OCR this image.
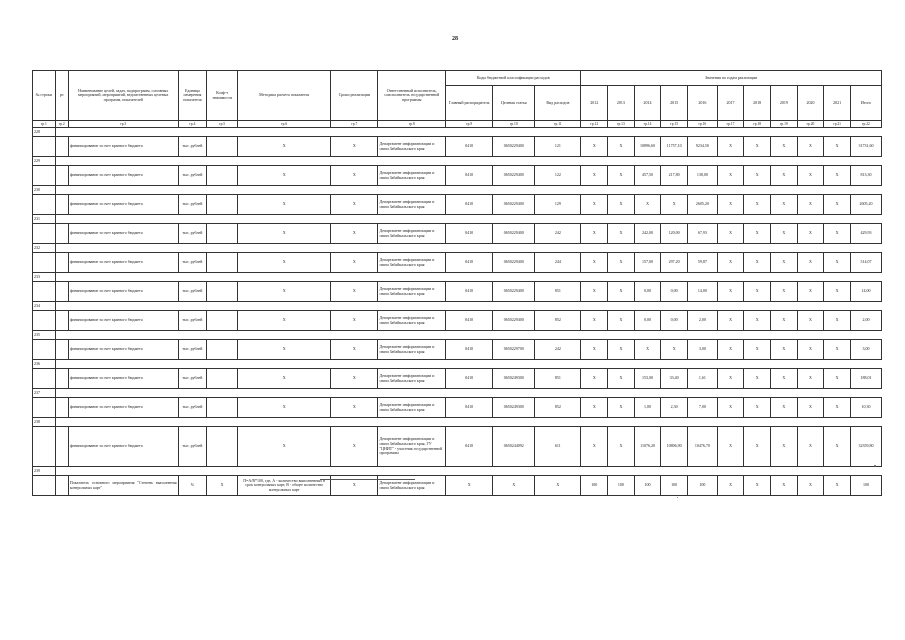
28
№ строки	рз	Наименование целей, задач, подпрограмм, основных мероприятий, мероприятий, ведомственных целевых программ, показателей	Единица измерения показателя	Коэф-т значимости	Методика расчета показателя	Сроки реализации	Ответственный исполнитель, соисполнитель государственной программы	Коды бюджетной классификации расходов			Значения по годам реализации										
								Главный распорядитель	Целевая статья	Вид расходов	2012	2013	2014	2015	2016	2017	2018	2019	2020	2021	Итого
гр.1	гр.2	гр.3	гр.4	гр.5	гр.6	гр.7	гр.8	гр.9	гр.10	гр.11	гр.12	гр.13	гр.14	гр.15	гр.16	гр.17	гр.18	гр.19	гр.20	гр.21	гр.22
228																					
		финансирование за счет краевого бюджета	тыс. рублей		Х	Х	Департамент информатизации и связи Забайкальского края	0410	0650229400	121	Х	Х	10896,60	11757,10	9234,50	Х	Х	Х	Х	Х	31731,60
229																					
		финансирование за счет краевого бюджета	тыс. рублей		Х	Х	Департамент информатизации и связи Забайкальского края	0410	0650229400	122	Х	Х	457,50	217,80	138,00	Х	Х	Х	Х	Х	813,30
230																					
		финансирование за счет краевого бюджета	тыс. рублей		Х	Х	Департамент информатизации и связи Забайкальского края	0410	0650229400	129	Х	Х	Х	Х	2605,20	Х	Х	Х	Х	Х	2605,20
231																					
		финансирование за счет краевого бюджета	тыс. рублей		Х	Х	Департамент информатизации и связи Забайкальского края	0410	0650229400	242	Х	Х	242,00	120,00	67,93	Х	Х	Х	Х	Х	429,93
232																					
		финансирование за счет краевого бюджета	тыс. рублей		Х	Х	Департамент информатизации и связи Забайкальского края	0410	0650229400	244	Х	Х	157,00	297,20	59,87	Х	Х	Х	Х	Х	514,07
233																					
		финансирование за счет краевого бюджета	тыс. рублей		Х	Х	Департамент информатизации и связи Забайкальского края	0410	0650229400	851	Х	Х	0,00	0,00	14,00	Х	Х	Х	Х	Х	14,00
234																					
		финансирование за счет краевого бюджета	тыс. рублей		Х	Х	Департамент информатизации и связи Забайкальского края	0410	0650229400	852	Х	Х	0,00	0,00	2,00	Х	Х	Х	Х	Х	2,00
235																					
		финансирование за счет краевого бюджета	тыс. рублей		Х	Х	Департамент информатизации и связи Забайкальского края	0410	0650229700	242	Х	Х	Х	Х	3,00	Х	Х	Х	Х	Х	3,00
236																					
		финансирование за счет краевого бюджета	тыс. рублей		Х	Х	Департамент информатизации и связи Забайкальского края	0410	0650249300	851	Х	Х	153,00	33,40	1,61	Х	Х	Х	Х	Х	188,01
237																					
		финансирование за счет краевого бюджета	тыс. рублей		Х	Х	Департамент информатизации и связи Забайкальского края	0410	0650249300	852	Х	Х	1,00	2,30	7,00	Х	Х	Х	Х	Х	10,30
238																					
		финансирование за счет краевого бюджета	тыс. рублей		Х	Х	Департамент информатизации и связи Забайкальского края, ГУ "ЦНИТ" - участник государственной программы	0410	0650244092	611	Х	Х	11076,20	10806,90	10476,70	Х	Х	Х	Х	Х	32359,80
239																					
		Показатель основного мероприятия "Степень выполнения контрольных карт"	%	Х	П=А/В*100, где, А - количество выполненных в срок контрольных карт, В - общее количество контрольных карт	Х	Департамент информатизации и связи Забайкальского края	Х	Х	Х	100	100	100	100	100	Х	Х	Х	Х	Х	100
